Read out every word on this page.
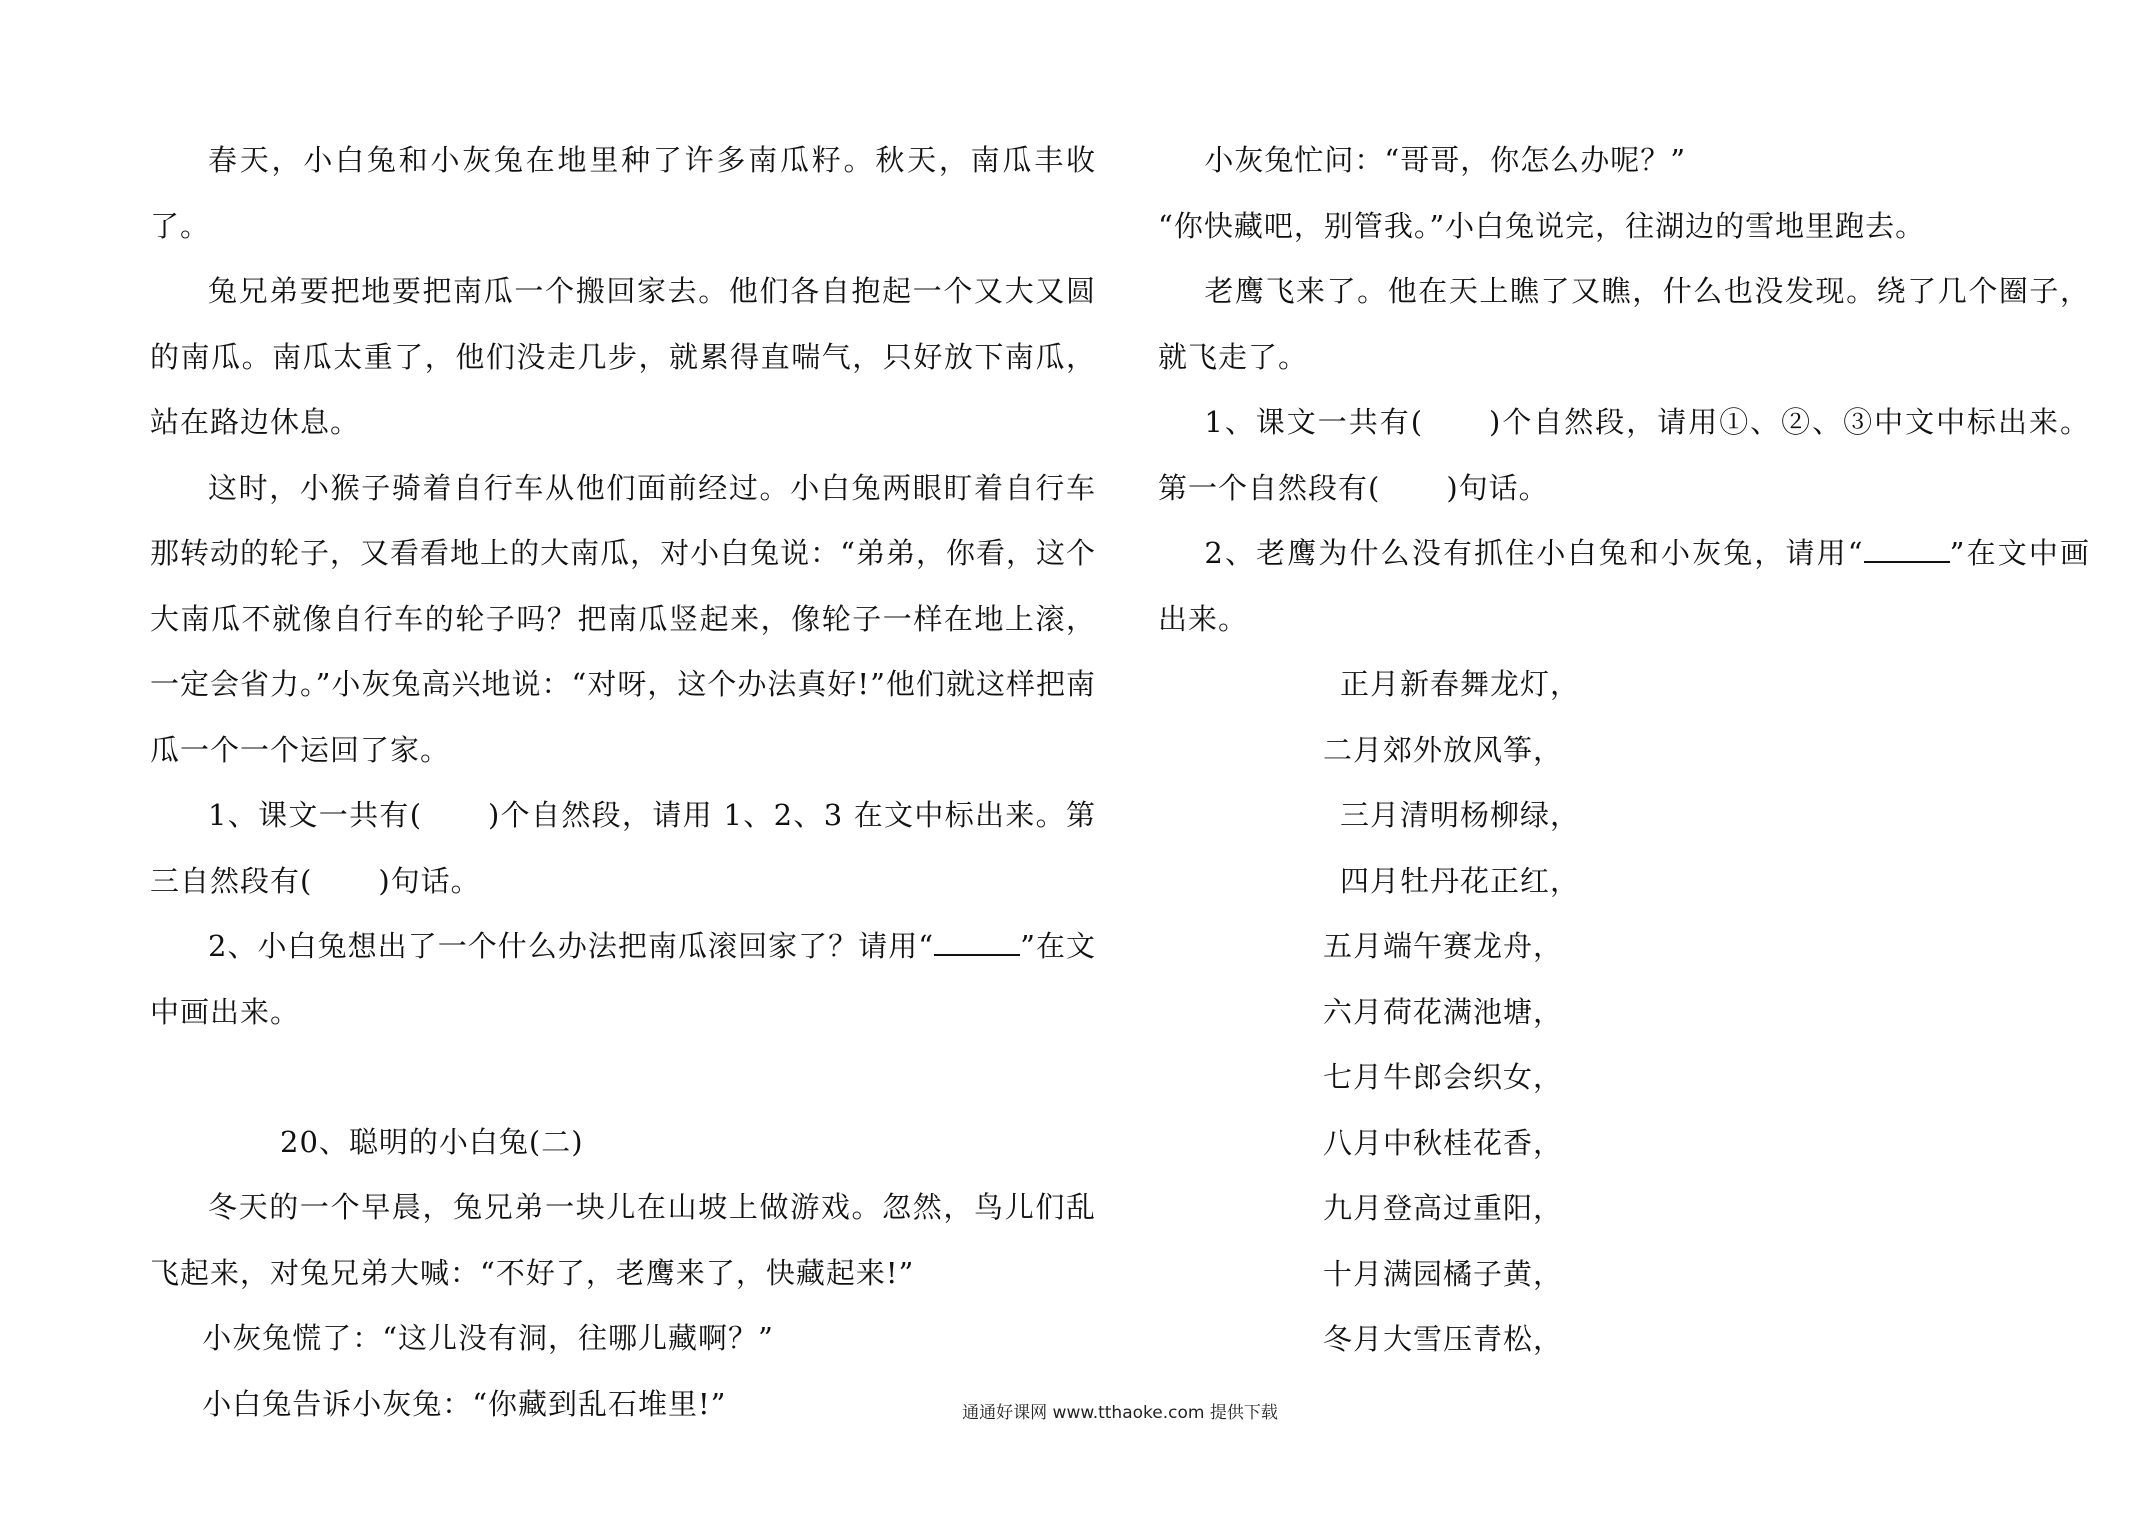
春天，小白兔和小灰兔在地里种了许多南瓜籽。秋天，南瓜丰收了。

兔兄弟要把地要把南瓜一个搬回家去。他们各自抱起一个又大又圆的南瓜。南瓜太重了，他们没走几步，就累得直喘气，只好放下南瓜，站在路边休息。

这时，小猴子骑着自行车从他们面前经过。小白兔两眼盯着自行车那转动的轮子，又看看地上的大南瓜，对小白兔说：“弟弟，你看，这个大南瓜不就像自行车的轮子吗？把南瓜竖起来，像轮子一样在地上滚，一定会省力。”小灰兔高兴地说：“对呀，这个办法真好!”他们就这样把南瓜一个一个运回了家。

1、课文一共有( )个自然段，请用 1、2、3 在文中标出来。第三自然段有( )句话。

2、小白兔想出了一个什么办法把南瓜滚回家了？请用“	”在文中画出来。

20、聪明的小白兔(二)

冬天的一个早晨，兔兄弟一块儿在山坡上做游戏。忽然，鸟儿们乱飞起来，对兔兄弟大喊：“不好了，老鹰来了，快藏起来!”

小灰兔慌了：“这儿没有洞，往哪儿藏啊？”

小白兔告诉小灰兔：“你藏到乱石堆里!”

小灰兔忙问：“哥哥，你怎么办呢？”

“你快藏吧，别管我。”小白兔说完，往湖边的雪地里跑去。

老鹰飞来了。他在天上瞧了又瞧，什么也没发现。绕了几个圈子，就飞走了。

1、课文一共有( )个自然段，请用①、②、③中文中标出来。第一个自然段有( )句话。

2、老鹰为什么没有抓住小白兔和小灰兔，请用“	”在文中画出来。

正月新春舞龙灯，
二月郊外放风筝，
三月清明杨柳绿，
四月牡丹花正红，
五月端午赛龙舟，
六月荷花满池塘，
七月牛郎会织女，
八月中秋桂花香，
九月登高过重阳，
十月满园橘子黄，
冬月大雪压青松，
通通好课网 www.tthaoke.com 提供下载
